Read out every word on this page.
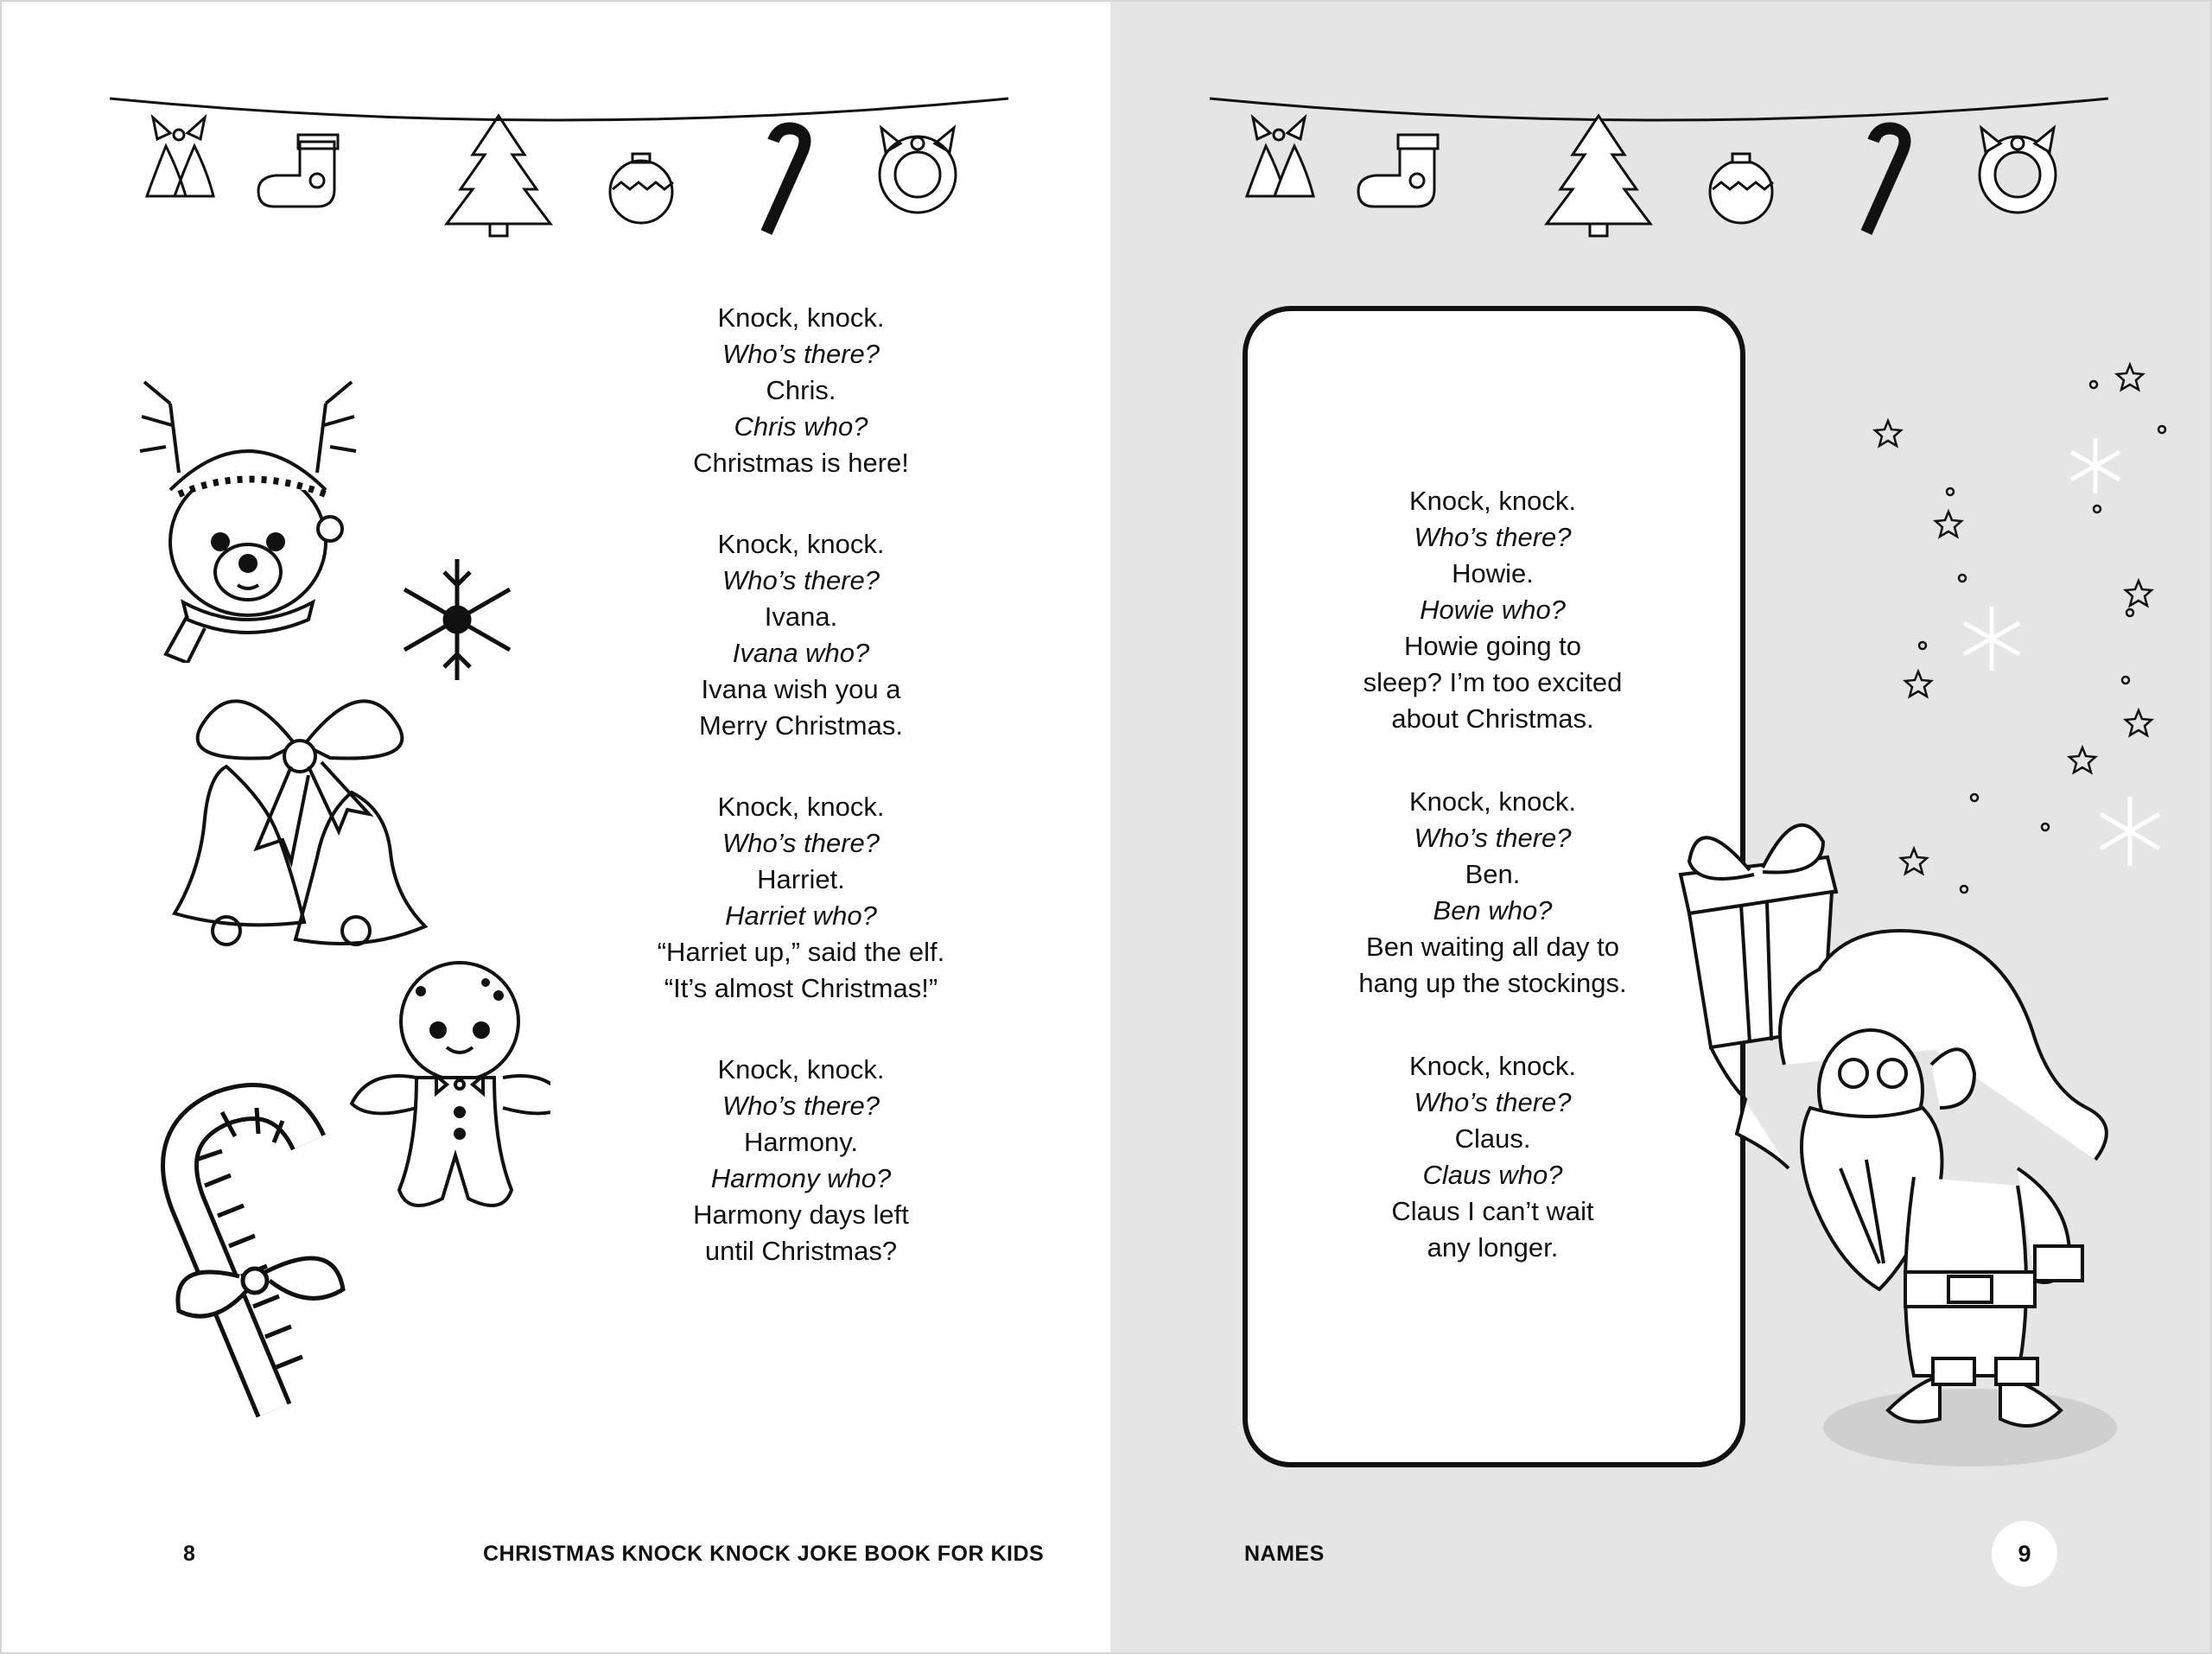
Knock, knock.

Who’s there?

Chris.

Chris who?

Christmas is here!

Knock, knock.

Who’s there?

Ivana.

Ivana who?

Ivana wish you a

Merry Christmas.

Knock, knock.

Who’s there?

Harriet.

Harriet who?

“Harriet up,” said the elf.

“It’s almost Christmas!”

Knock, knock.

Who’s there?

Harmony.

Harmony who?

Harmony days left

until Christmas?

8	CHRISTMAS KNOCK KNOCK JOKE BOOK FOR KIDS

Knock, knock.

Who’s there?

Howie.

Howie who?

Howie going to

sleep? I’m too excited

about Christmas.

Knock, knock.

Who’s there?

Ben.

Ben who?

Ben waiting all day to

hang up the stockings.

Knock, knock.

Who’s there?

Claus.

Claus who?

Claus I can’t wait

any longer.

NAMES	9
